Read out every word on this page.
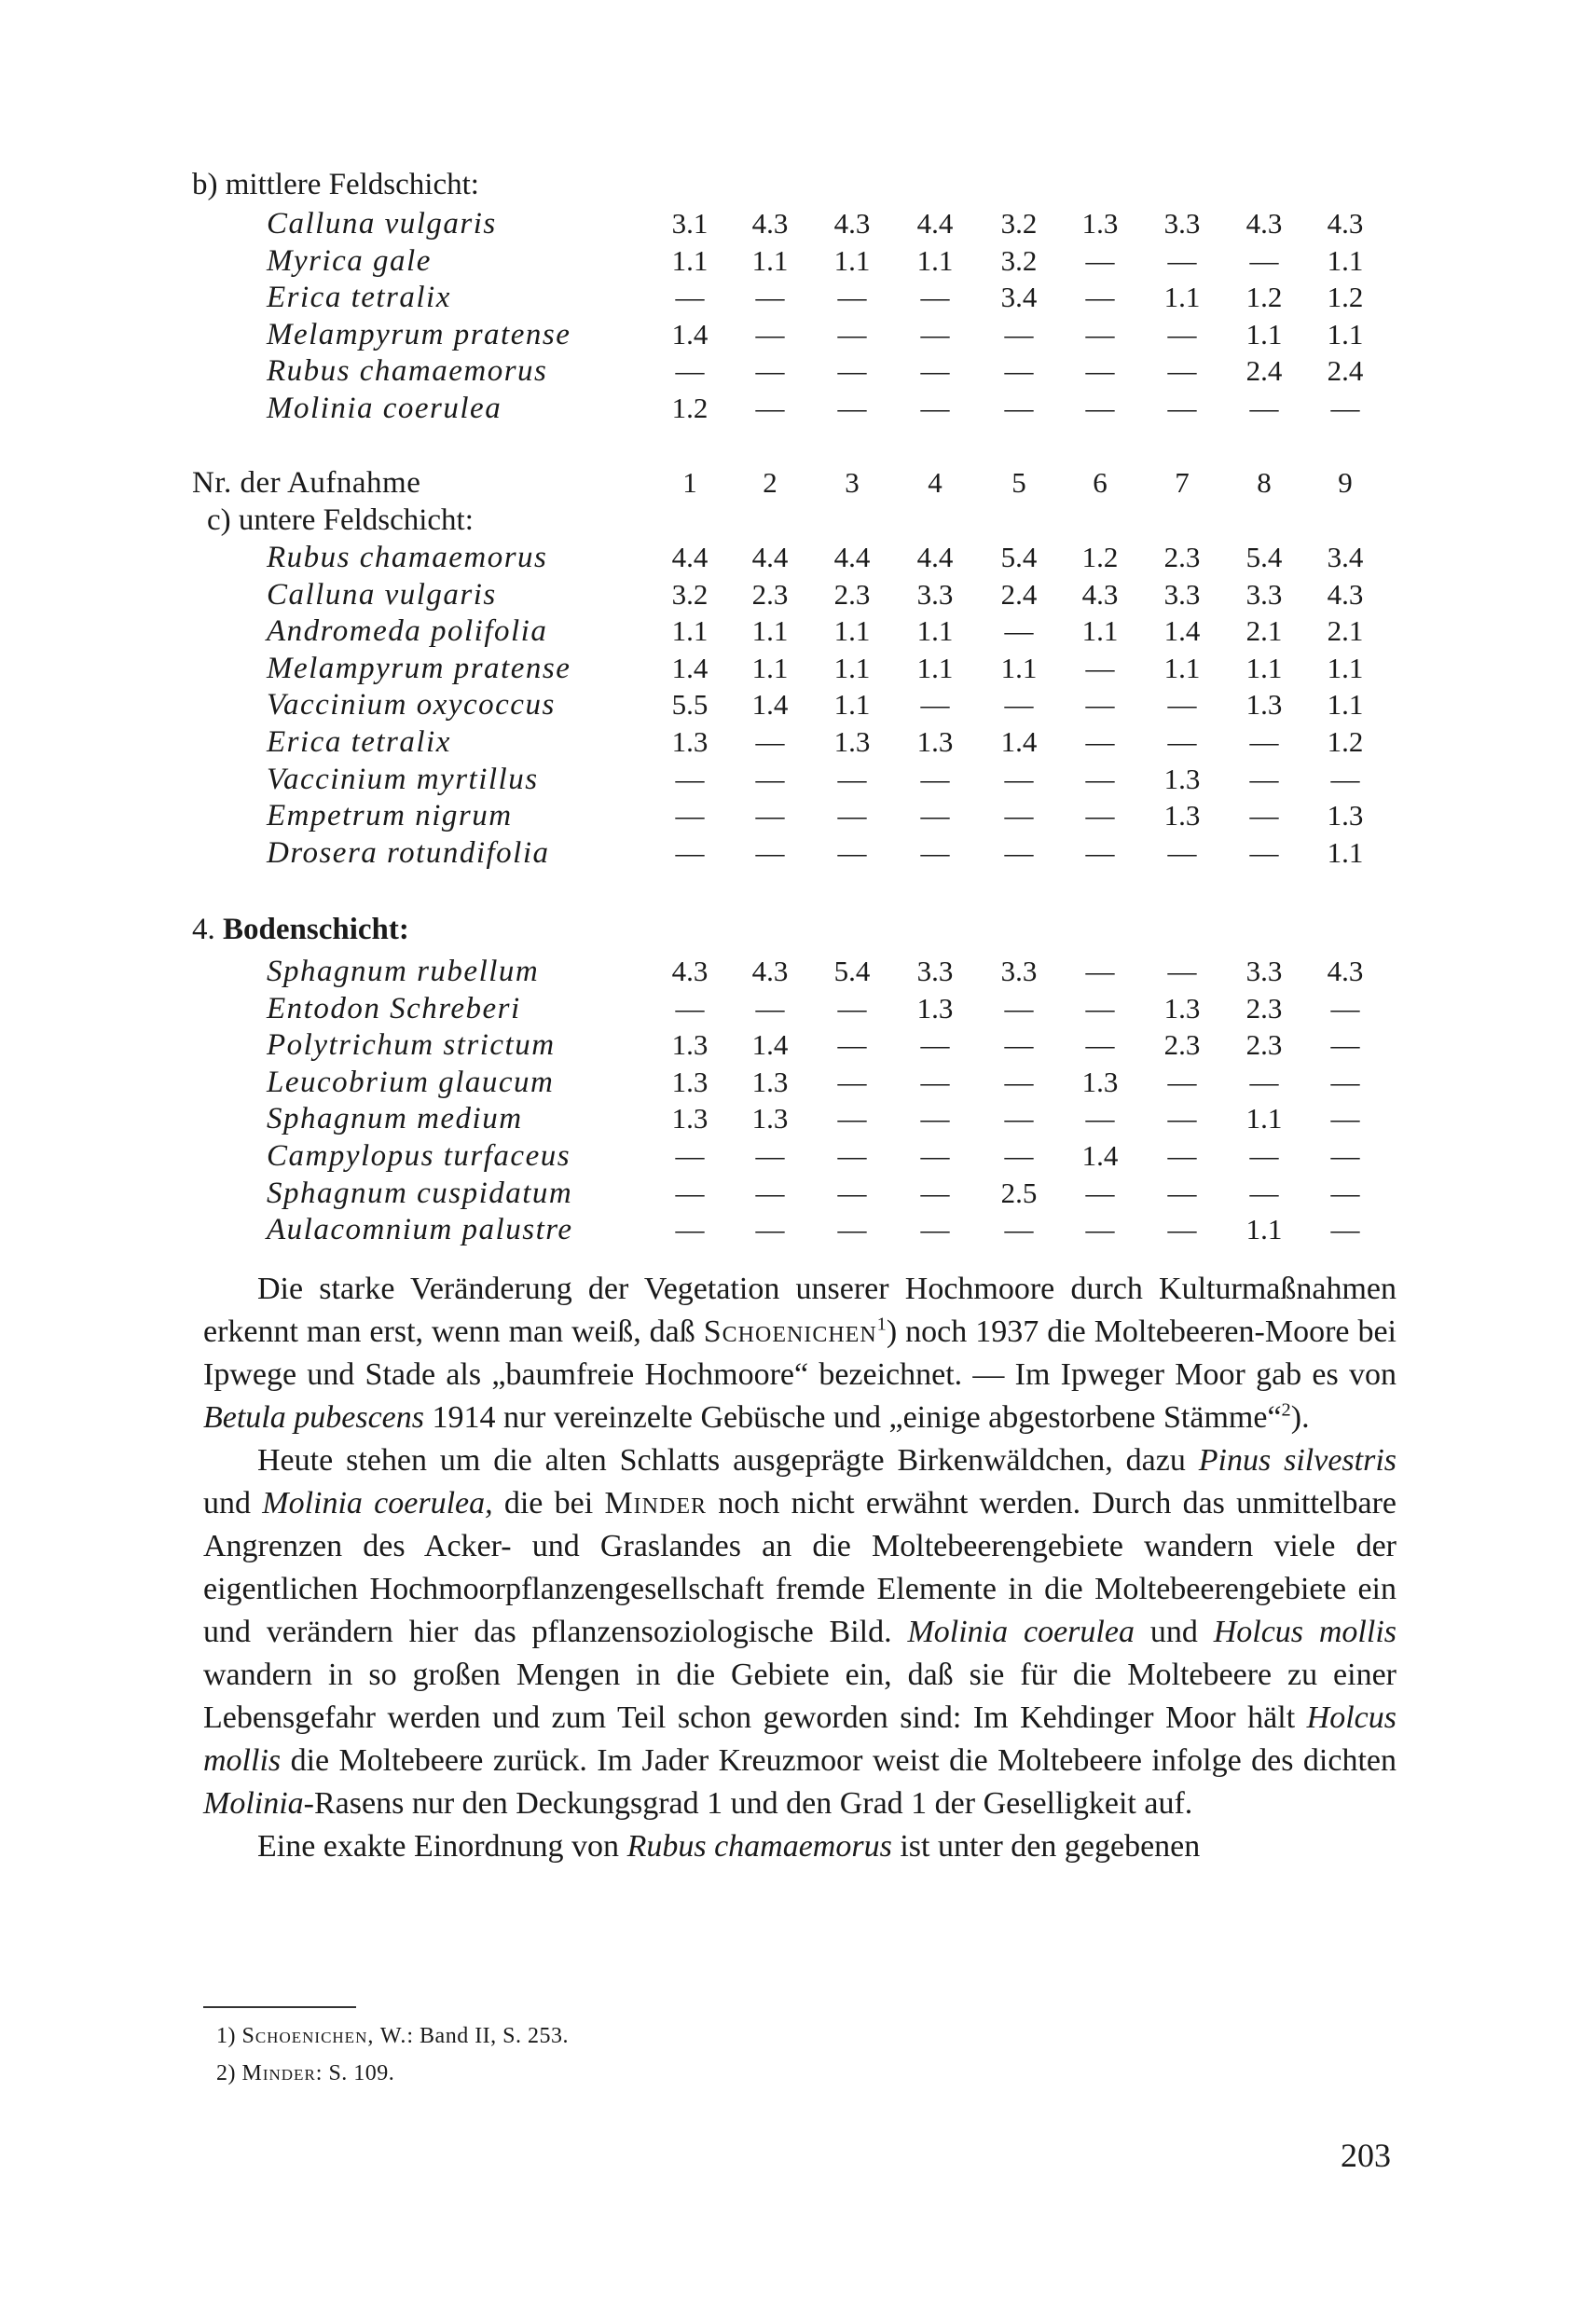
b) mittlere Feldschicht:
Calluna vulgaris	3.1	4.3	4.3	4.4	3.2	1.3	3.3	4.3	4.3
Myrica gale	1.1	1.1	1.1	1.1	3.2	—	—	—	1.1
Erica tetralix	—	—	—	—	3.4	—	1.1	1.2	1.2
Melampyrum pratense	1.4	—	—	—	—	—	—	1.1	1.1
Rubus chamaemorus	—	—	—	—	—	—	—	2.4	2.4
Molinia coerulea	1.2	—	—	—	—	—	—	—	—
Nr. der Aufnahme	1	2	3	4	5	6	7	8	9
c) untere Feldschicht:
Rubus chamaemorus	4.4	4.4	4.4	4.4	5.4	1.2	2.3	5.4	3.4
Calluna vulgaris	3.2	2.3	2.3	3.3	2.4	4.3	3.3	3.3	4.3
Andromeda polifolia	1.1	1.1	1.1	1.1	—	1.1	1.4	2.1	2.1
Melampyrum pratense	1.4	1.1	1.1	1.1	1.1	—	1.1	1.1	1.1
Vaccinium oxycoccus	5.5	1.4	1.1	—	—	—	—	1.3	1.1
Erica tetralix	1.3	—	1.3	1.3	1.4	—	—	—	1.2
Vaccinium myrtillus	—	—	—	—	—	—	1.3	—	—
Empetrum nigrum	—	—	—	—	—	—	1.3	—	1.3
Drosera rotundifolia	—	—	—	—	—	—	—	—	1.1
4. Bodenschicht:
Sphagnum rubellum	4.3	4.3	5.4	3.3	3.3	—	—	3.3	4.3
Entodon Schreberi	—	—	—	1.3	—	—	1.3	2.3	—
Polytrichum strictum	1.3	1.4	—	—	—	—	2.3	2.3	—
Leucobrium glaucum	1.3	1.3	—	—	—	1.3	—	—	—
Sphagnum medium	1.3	1.3	—	—	—	—	—	1.1	—
Campylopus turfaceus	—	—	—	—	—	1.4	—	—	—
Sphagnum cuspidatum	—	—	—	—	2.5	—	—	—	—
Aulacomnium palustre	—	—	—	—	—	—	—	1.1	—

Die starke Veränderung der Vegetation unserer Hochmoore durch Kulturmaßnahmen erkennt man erst, wenn man weiß, daß Schoenichen$^1$) noch 1937 die Moltebeeren-Moore bei Ipwege und Stade als „baumfreie Hochmoore“ bezeichnet. — Im Ipweger Moor gab es von Betula pubescens 1914 nur vereinzelte Gebüsche und „einige abgestorbene Stämme“$^2$).

Heute stehen um die alten Schlatts ausgeprägte Birkenwäldchen, dazu Pinus silvestris und Molinia coerulea, die bei Minder noch nicht erwähnt werden. Durch das unmittelbare Angrenzen des Acker- und Graslandes an die Moltebeerengebiete wandern viele der eigentlichen Hochmoorpflanzengesellschaft fremde Elemente in die Moltebeerengebiete ein und verändern hier das pflanzensoziologische Bild. Molinia coerulea und Holcus mollis wandern in so großen Mengen in die Gebiete ein, daß sie für die Moltebeere zu einer Lebensgefahr werden und zum Teil schon geworden sind: Im Kehdinger Moor hält Holcus mollis die Moltebeere zurück. Im Jader Kreuzmoor weist die Moltebeere infolge des dichten Molinia-Rasens nur den Deckungsgrad 1 und den Grad 1 der Geselligkeit auf.

Eine exakte Einordnung von Rubus chamaemorus ist unter den gegebenen

1) Schoenichen, W.: Band II, S. 253.
2) Minder: S. 109.
203
